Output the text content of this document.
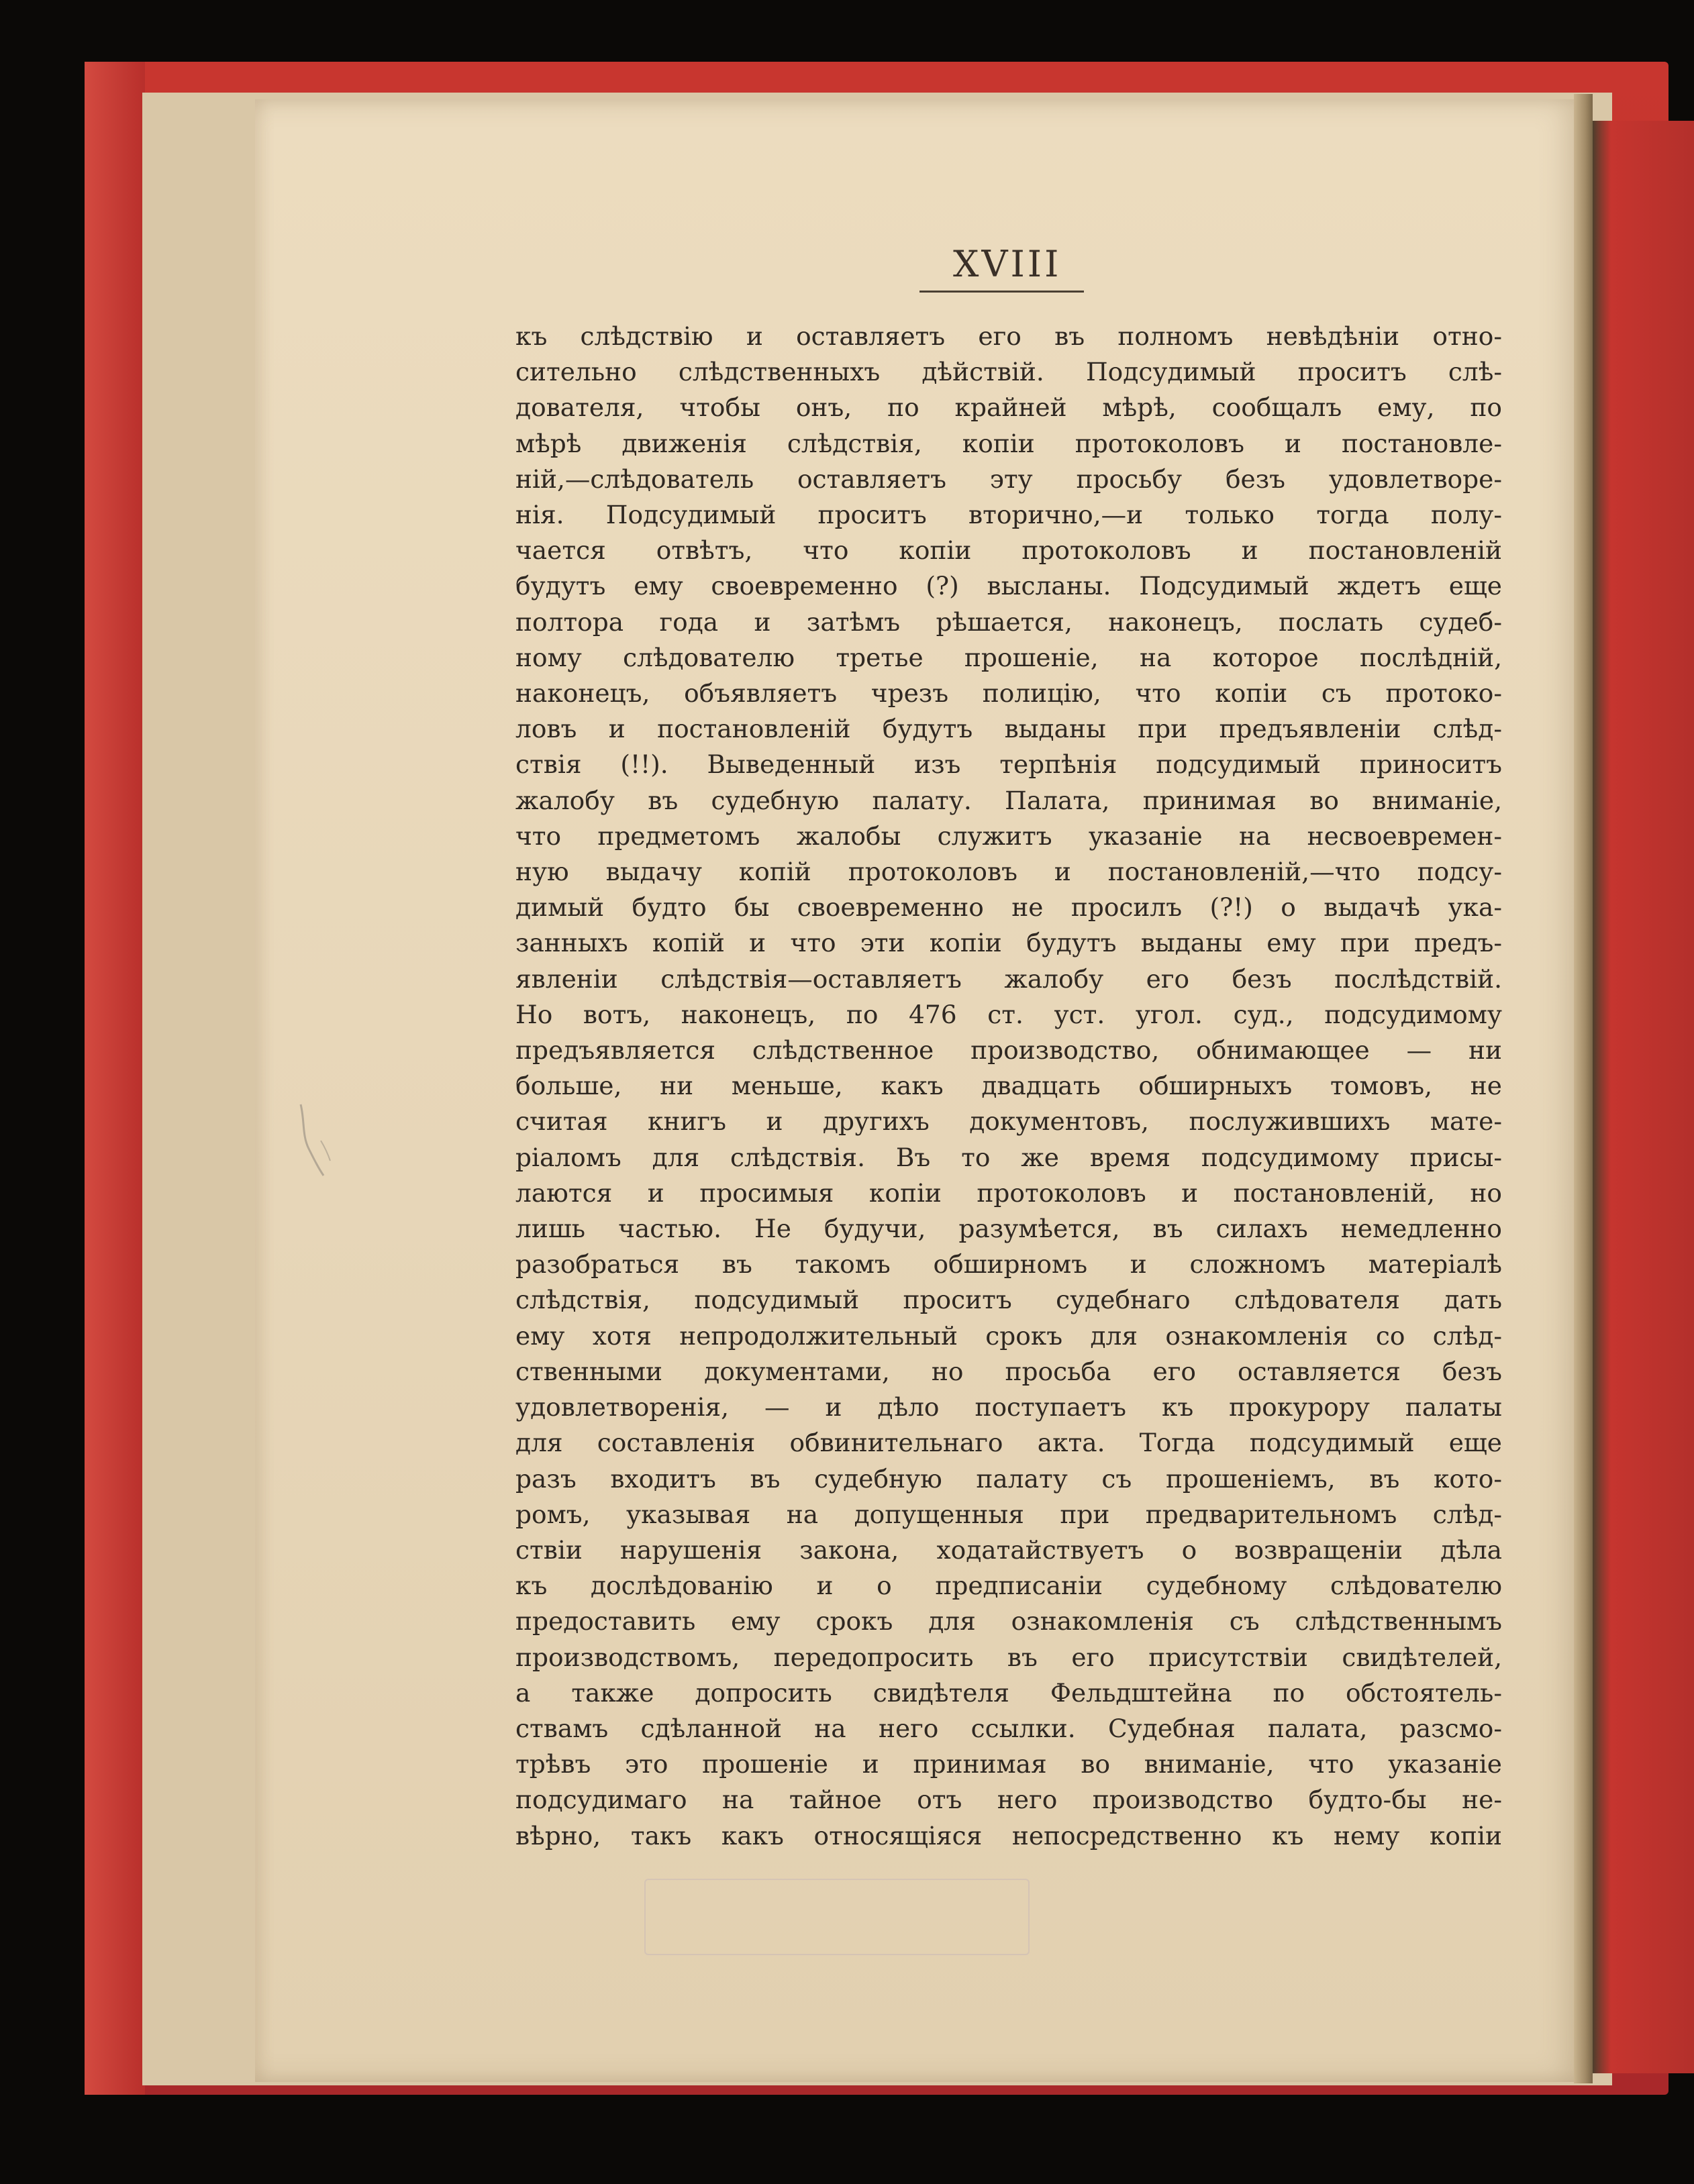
XVIII
къ слѣдствію и оставляетъ его въ полномъ невѣдѣніи отно-
сительно слѣдственныхъ дѣйствій. Подсудимый проситъ слѣ-
дователя, чтобы онъ, по крайней мѣрѣ, сообщалъ ему, по
мѣрѣ движенія слѣдствія, копіи протоколовъ и постановле-
ній,—слѣдователь оставляетъ эту просьбу безъ удовлетворе-
нія. Подсудимый проситъ вторично,—и только тогда полу-
чается отвѣтъ, что копіи протоколовъ и постановленій
будутъ ему своевременно (?) высланы. Подсудимый ждетъ еще
полтора года и затѣмъ рѣшается, наконецъ, послать судеб-
ному слѣдователю третье прошеніе, на которое послѣдній,
наконецъ, объявляетъ чрезъ полицію, что копіи съ протоко-
ловъ и постановленій будутъ выданы при предъявленіи слѣд-
ствія (!!). Выведенный изъ терпѣнія подсудимый приноситъ
жалобу въ судебную палату. Палата, принимая во вниманіе,
что предметомъ жалобы служитъ указаніе на несвоевремен-
ную выдачу копій протоколовъ и постановленій,—что подсу-
димый будто бы своевременно не просилъ (?!) о выдачѣ ука-
занныхъ копій и что эти копіи будутъ выданы ему при предъ-
явленіи слѣдствія—оставляетъ жалобу его безъ послѣдствій.
Но вотъ, наконецъ, по 476 ст. уст. угол. суд., подсудимому
предъявляется слѣдственное производство, обнимающее — ни
больше, ни меньше, какъ двадцать обширныхъ томовъ, не
считая книгъ и другихъ документовъ, послужившихъ мате-
ріаломъ для слѣдствія. Въ то же время подсудимому присы-
лаются и просимыя копіи протоколовъ и постановленій, но
лишь частью. Не будучи, разумѣется, въ силахъ немедленно
разобраться въ такомъ обширномъ и сложномъ матеріалѣ
слѣдствія, подсудимый проситъ судебнаго слѣдователя дать
ему хотя непродолжительный срокъ для ознакомленія со слѣд-
ственными документами, но просьба его оставляется безъ
удовлетворенія, — и дѣло поступаетъ къ прокурору палаты
для составленія обвинительнаго акта. Тогда подсудимый еще
разъ входитъ въ судебную палату съ прошеніемъ, въ кото-
ромъ, указывая на допущенныя при предварительномъ слѣд-
ствіи нарушенія закона, ходатайствуетъ о возвращеніи дѣла
къ дослѣдованію и о предписаніи судебному слѣдователю
предоставить ему срокъ для ознакомленія съ слѣдственнымъ
производствомъ, передопросить въ его присутствіи свидѣтелей,
а также допросить свидѣтеля Фельдштейна по обстоятель-
ствамъ сдѣланной на него ссылки. Судебная палата, разсмо-
трѣвъ это прошеніе и принимая во вниманіе, что указаніе
подсудимаго на тайное отъ него производство будто-бы не-
вѣрно, такъ какъ относящіяся непосредственно къ нему копіи
